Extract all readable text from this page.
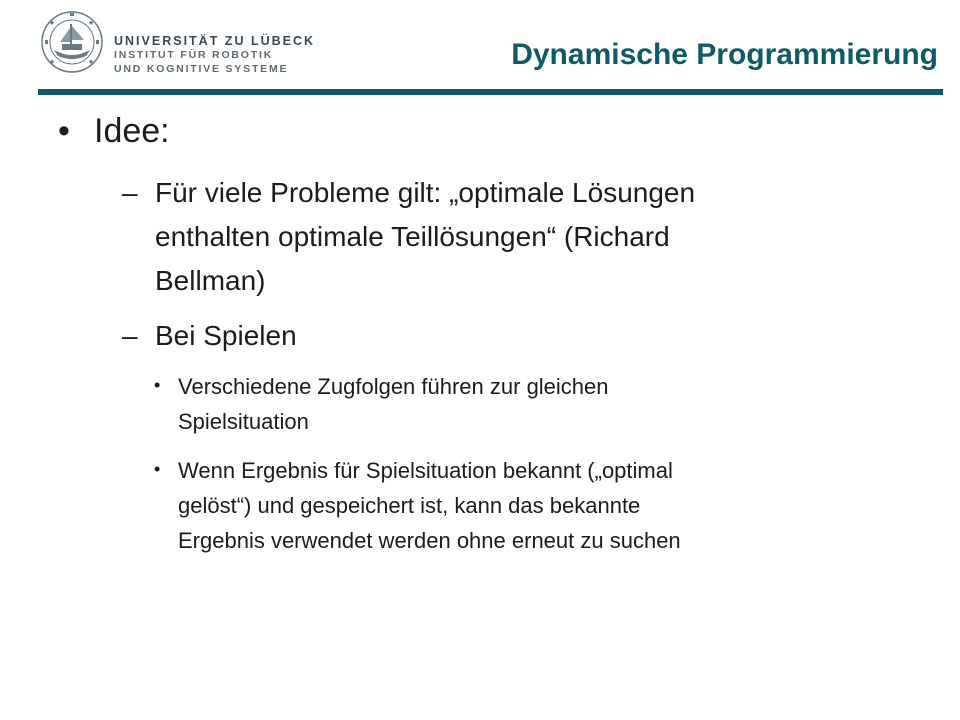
UNIVERSITÄT ZU LÜBECK
INSTITUT FÜR ROBOTIK
UND KOGNITIVE SYSTEME	Dynamische Programmierung
• Idee:
– Für viele Probleme gilt: „optimale Lösungen
enthalten optimale Teillösungen“ (Richard
Bellman)
– Bei Spielen
• Verschiedene Zugfolgen führen zur gleichen
Spielsituation
• Wenn Ergebnis für Spielsituation bekannt („optimal
gelöst“) und gespeichert ist, kann das bekannte
Ergebnis verwendet werden ohne erneut zu suchen
